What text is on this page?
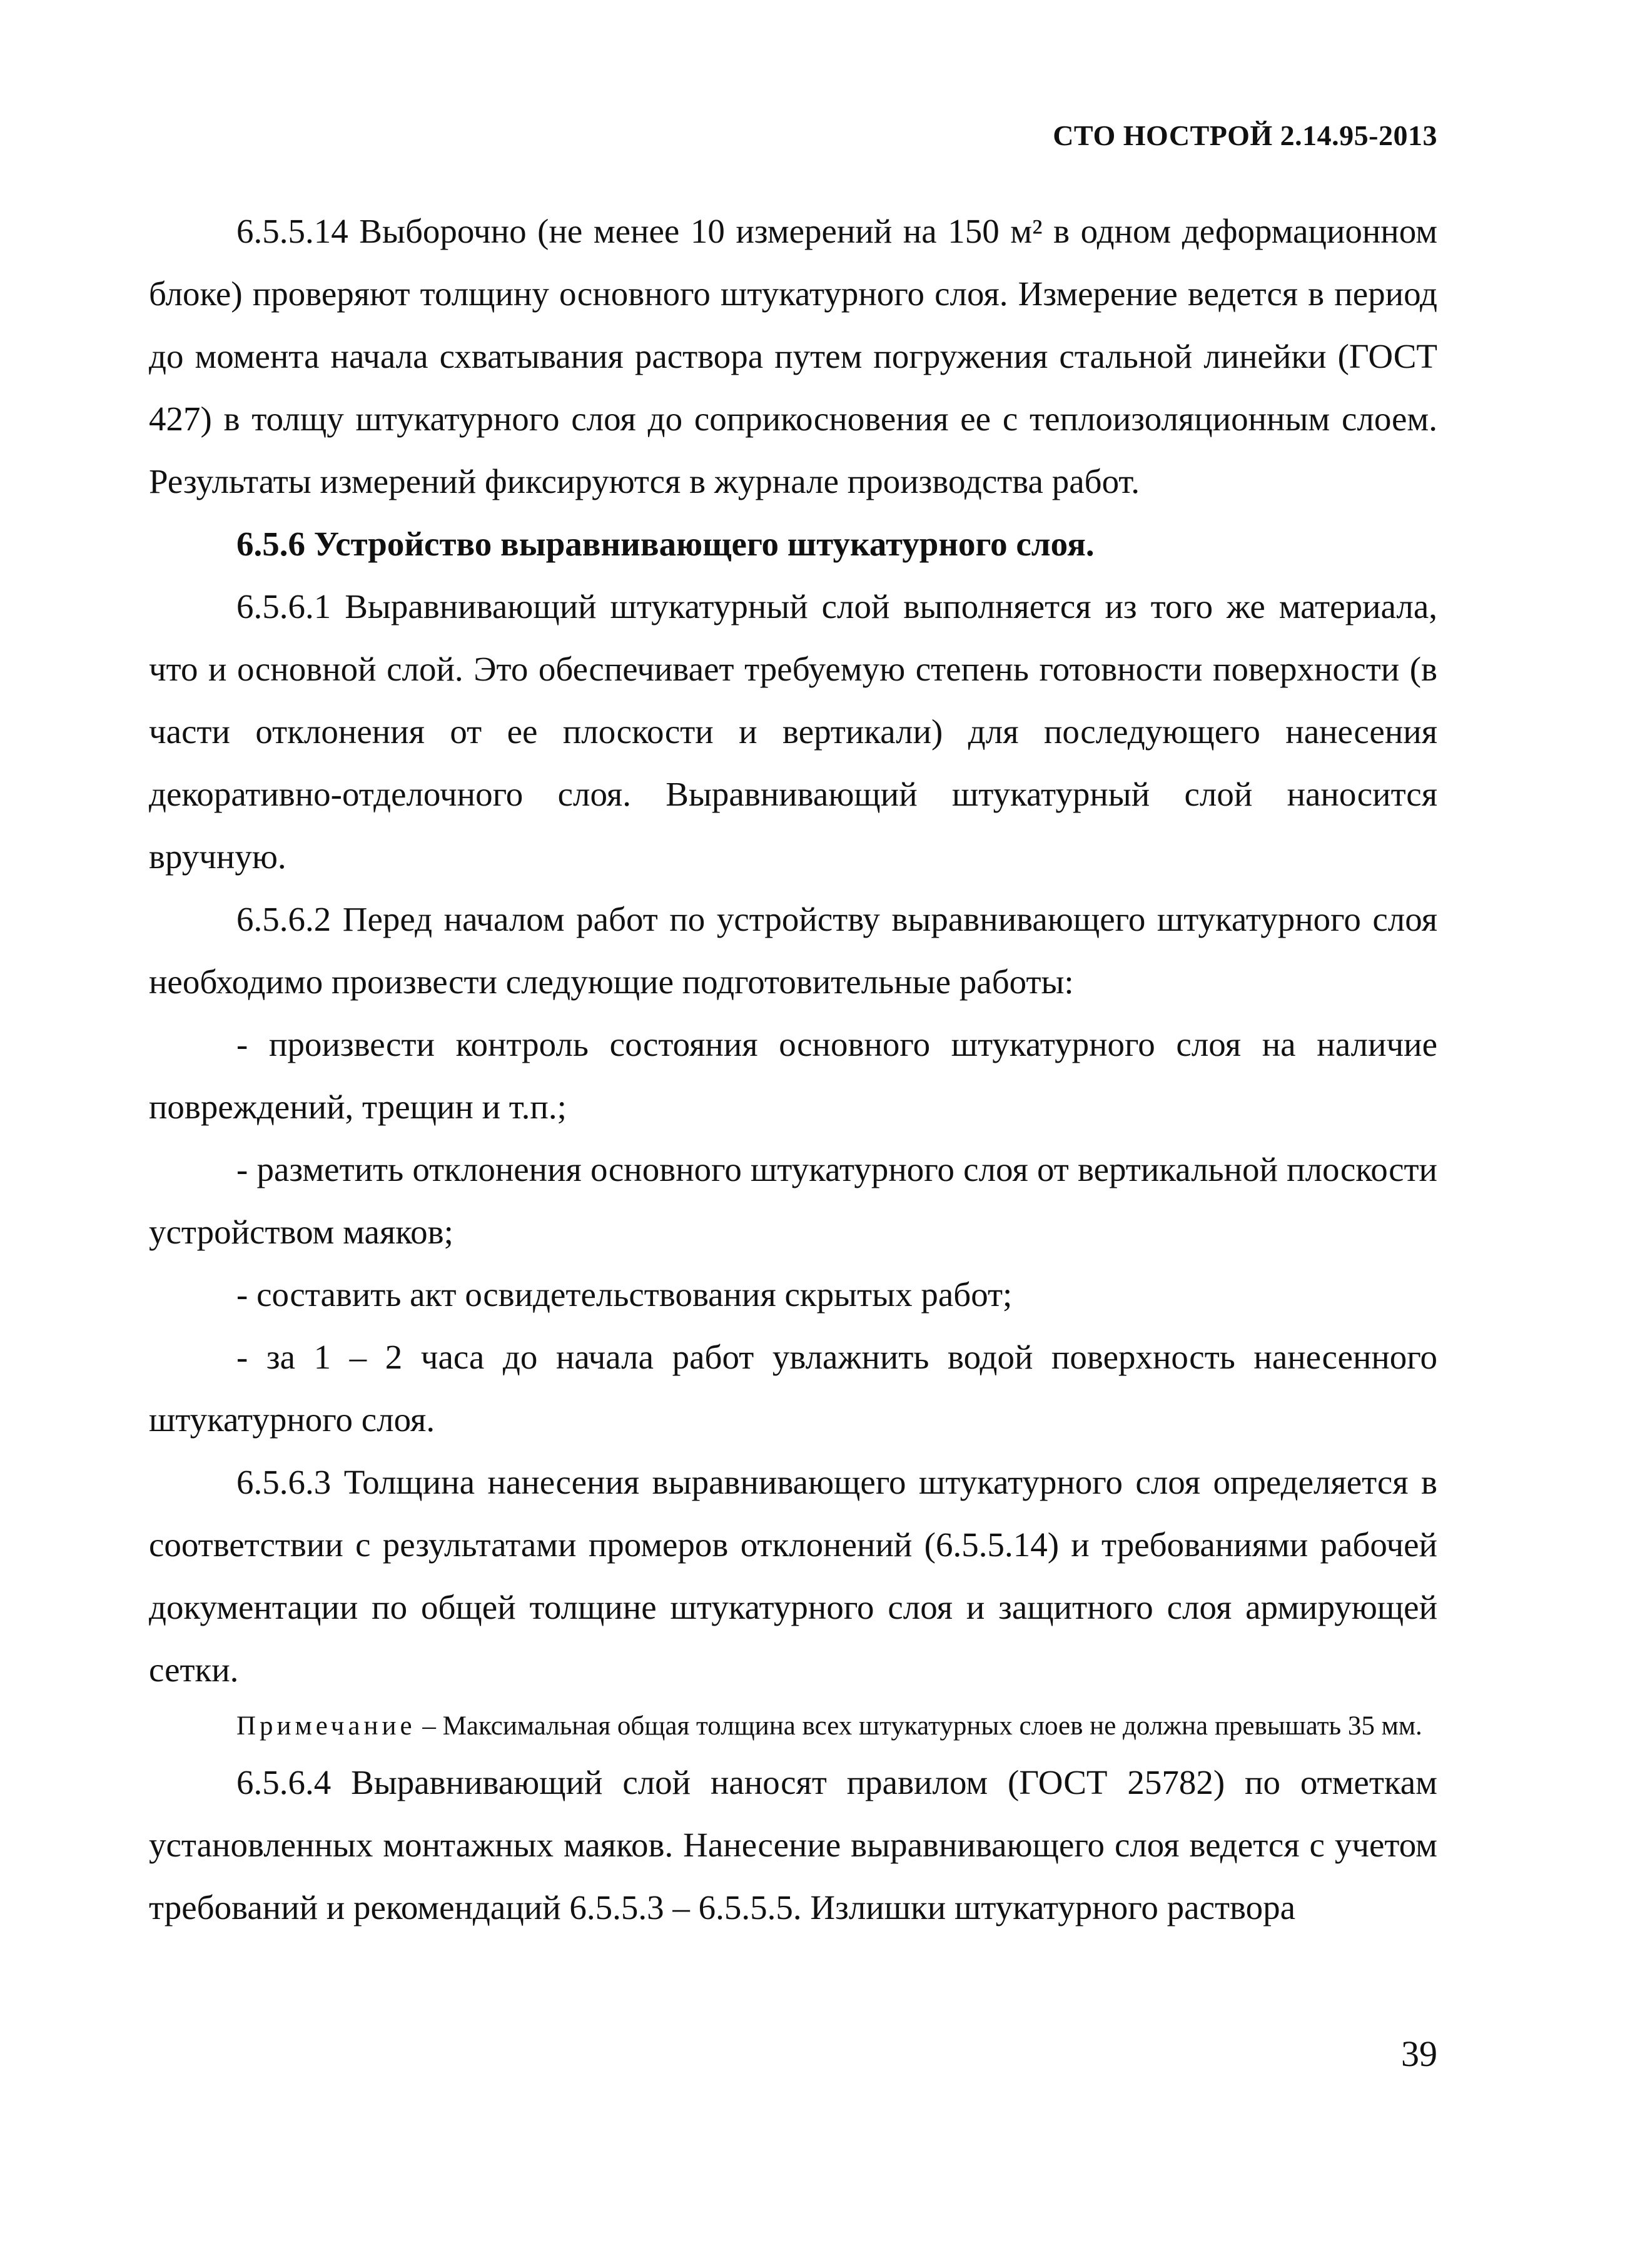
СТО НОСТРОЙ 2.14.95-2013

6.5.5.14 Выборочно (не менее 10 измерений на 150 м² в одном деформационном блоке) проверяют толщину основного штукатурного слоя. Измерение ведется в период до момента начала схватывания раствора путем погружения стальной линейки (ГОСТ 427) в толщу штукатурного слоя до соприкосновения ее с теплоизоляционным слоем. Результаты измерений фиксируются в журнале производства работ.

6.5.6 Устройство выравнивающего штукатурного слоя.

6.5.6.1 Выравнивающий штукатурный слой выполняется из того же материала, что и основной слой. Это обеспечивает требуемую степень готовности поверхности (в части отклонения от ее плоскости и вертикали) для последующего нанесения декоративно-отделочного слоя. Выравнивающий штукатурный слой наносится вручную.

6.5.6.2 Перед началом работ по устройству выравнивающего штукатурного слоя необходимо произвести следующие подготовительные работы:

- произвести контроль состояния основного штукатурного слоя на наличие повреждений, трещин и т.п.;

- разметить отклонения основного штукатурного слоя от вертикальной плоскости устройством маяков;

- составить акт освидетельствования скрытых работ;

- за 1 – 2 часа до начала работ увлажнить водой поверхность нанесенного штукатурного слоя.

6.5.6.3 Толщина нанесения выравнивающего штукатурного слоя определяется в соответствии с результатами промеров отклонений (6.5.5.14) и требованиями рабочей документации по общей толщине штукатурного слоя и защитного слоя армирующей сетки.

Примечание – Максимальная общая толщина всех штукатурных слоев не должна превышать 35 мм.

6.5.6.4 Выравнивающий слой наносят правилом (ГОСТ 25782) по отметкам установленных монтажных маяков. Нанесение выравнивающего слоя ведется с учетом требований и рекомендаций 6.5.5.3 – 6.5.5.5. Излишки штукатурного раствора

39
